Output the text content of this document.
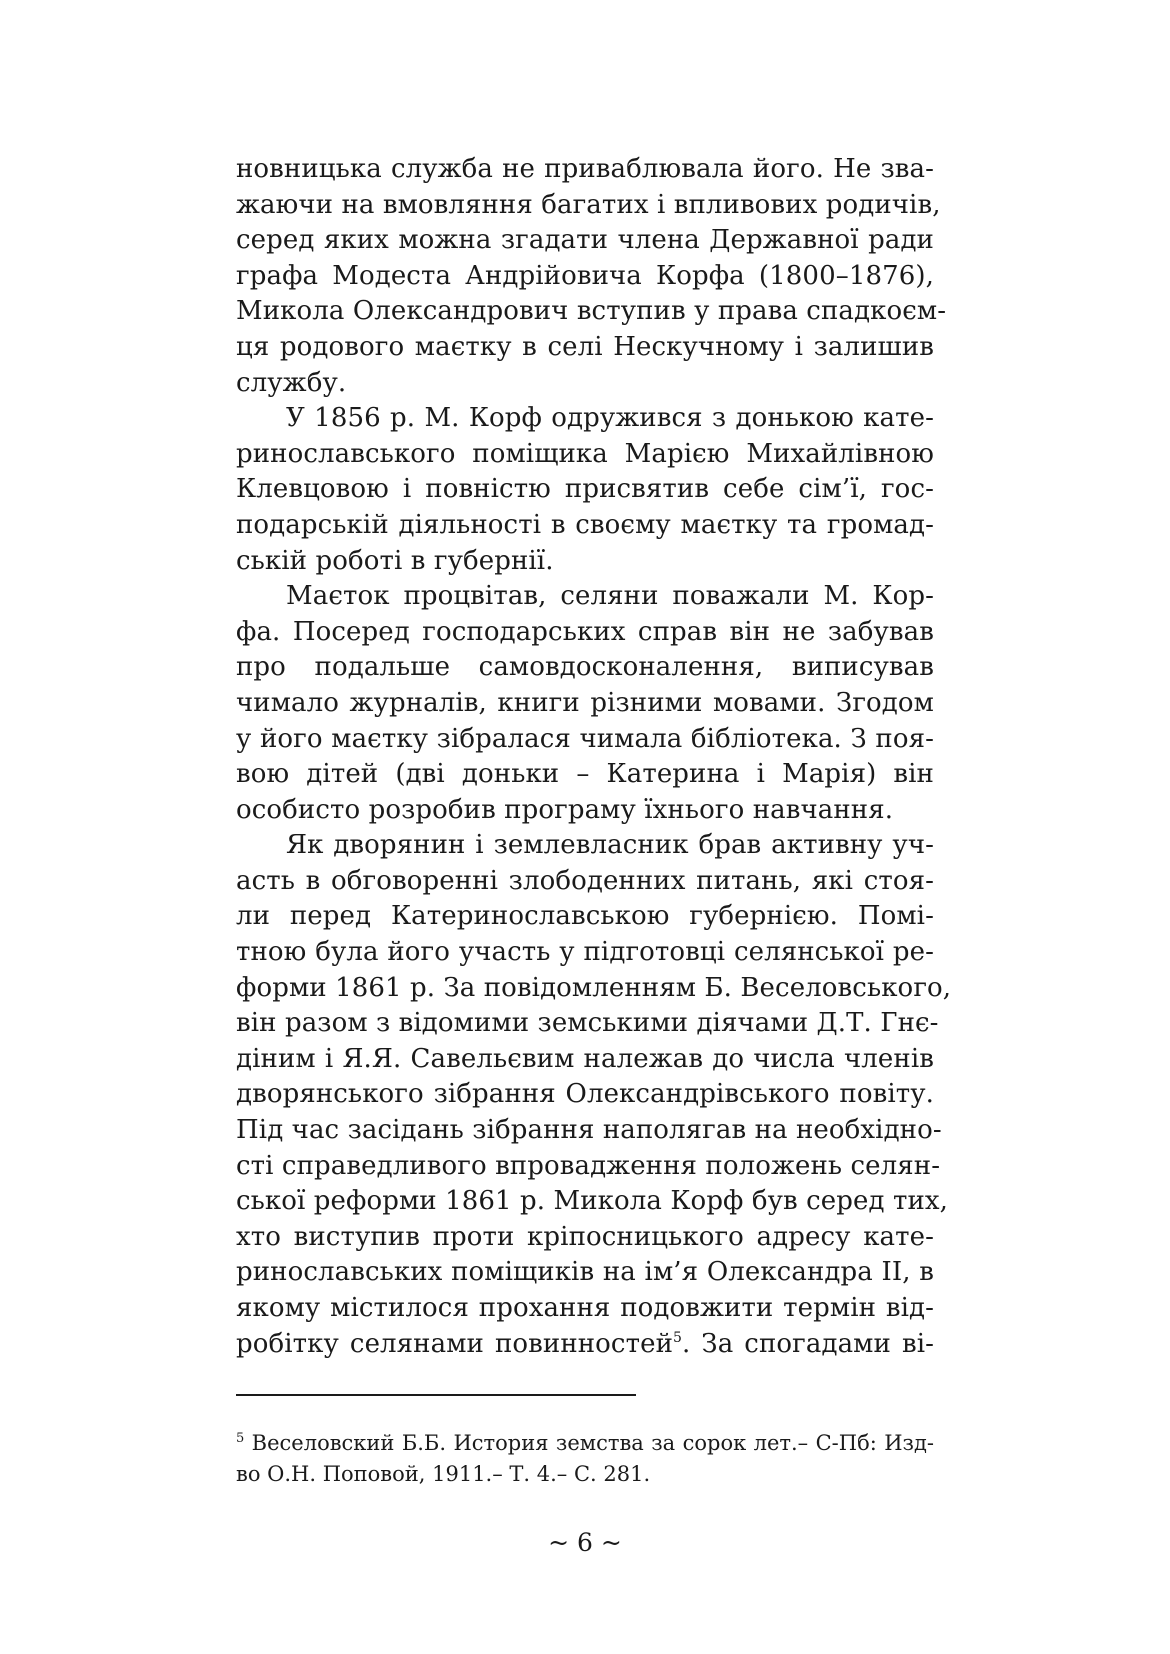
новницька служба не приваблювала його. Не зва-
жаючи на вмовляння багатих і впливових родичів,
серед яких можна згадати члена Державної ради
графа Модеста Андрійовича Корфа (1800–1876),
Микола Олександрович вступив у права спадкоєм-
ця родового маєтку в селі Нескучному і залишив
службу.
У 1856 р. М. Корф одружився з донькою кате-
ринославського поміщика Марією Михайлівною
Клевцовою і повністю присвятив себе сім’ї, гос-
подарській діяльності в своєму маєтку та громад-
ській роботі в губернії.
Маєток процвітав, селяни поважали М. Кор-
фа. Посеред господарських справ він не забував
про подальше самовдосконалення, виписував
чимало журналів, книги різними мовами. Згодом
у його маєтку зібралася чимала бібліотека. З поя-
вою дітей (дві доньки – Катерина і Марія) він
особисто розробив програму їхнього навчання.
Як дворянин і землевласник брав активну уч-
асть в обговоренні злободенних питань, які стоя-
ли перед Катеринославською губернією. Помі-
тною була його участь у підготовці селянської ре-
форми 1861 р. За повідомленням Б. Веселовського,
він разом з відомими земськими діячами Д.Т. Гнє-
діним і Я.Я. Савельєвим належав до числа членів
дворянського зібрання Олександрівського повіту.
Під час засідань зібрання наполягав на необхідно-
сті справедливого впровадження положень селян-
ської реформи 1861 р. Микола Корф був серед тих,
хто виступив проти кріпосницького адресу кате-
ринославських поміщиків на ім’я Олександра ІІ, в
якому містилося прохання подовжити термін від-
робітку селянами повинностей$^5$. За спогадами ві-
$^5$ Веселовский Б.Б. История земства за сорок лет.– С-Пб: Изд-
во О.Н. Поповой, 1911.– Т. 4.– С. 281.
~ 6 ~
